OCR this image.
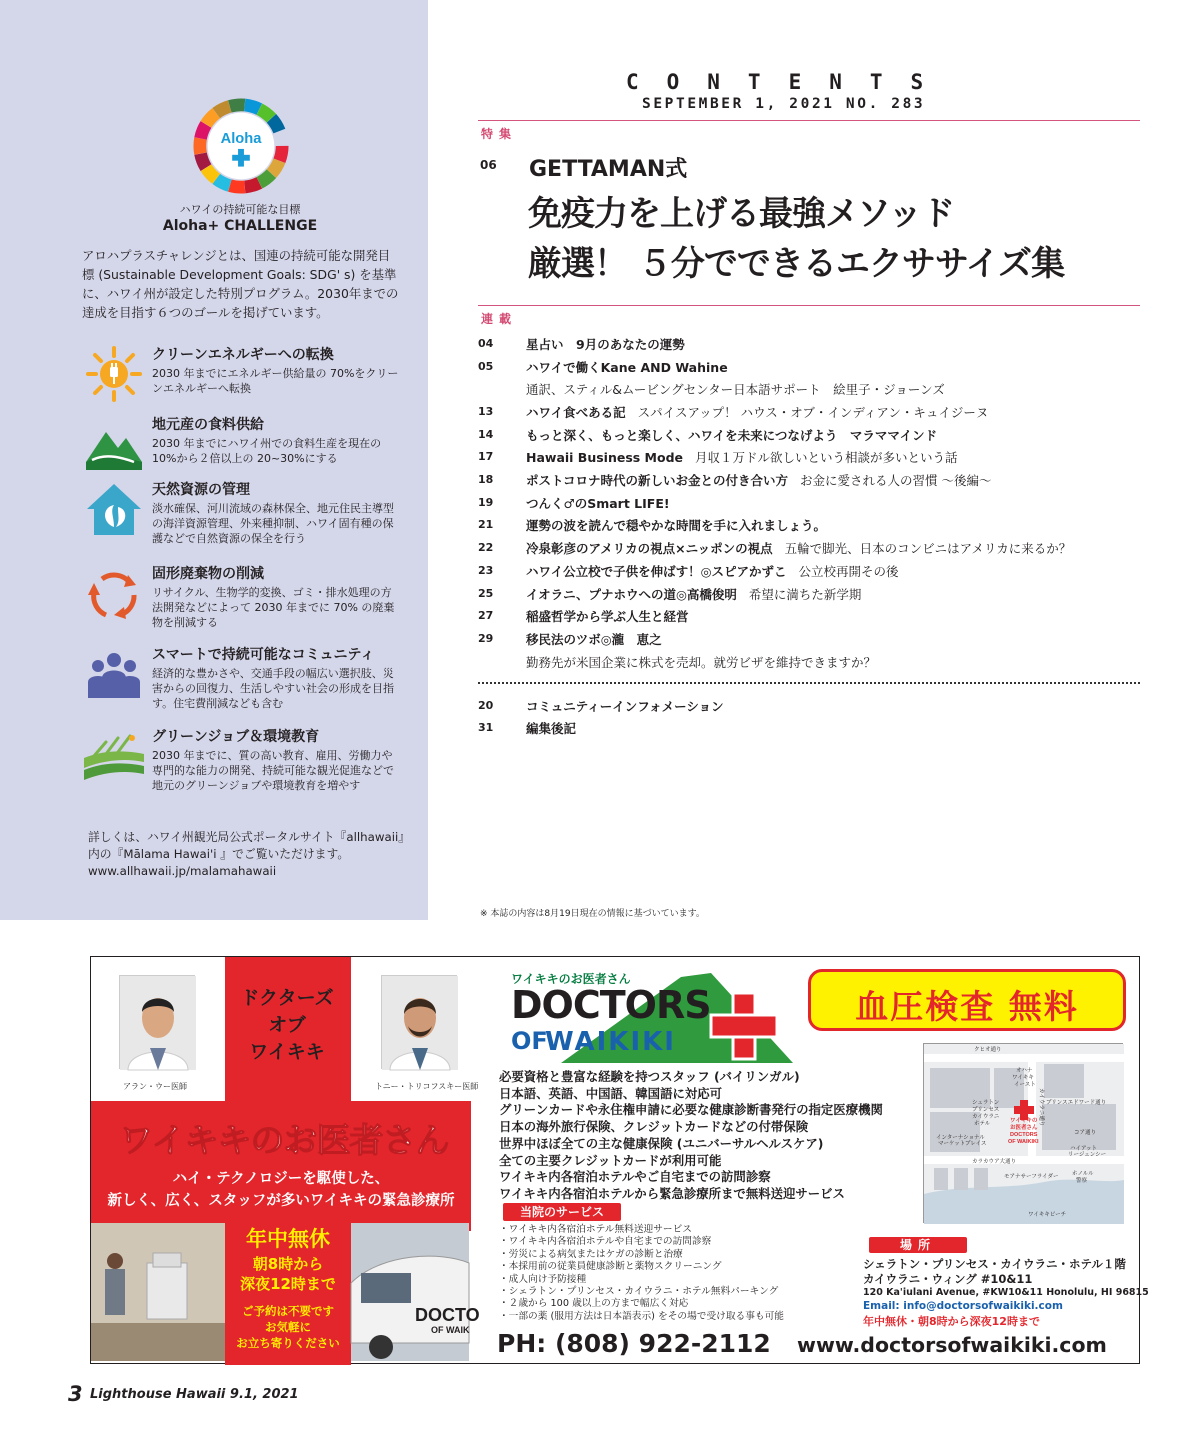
Aloha
ハワイの持続可能な目標
Aloha+ CHALLENGE
アロハプラスチャレンジとは、国連の持続可能な開発目標 (Sustainable Development Goals: SDG' s) を基準に、ハワイ州が設定した特別プログラム。2030年までの達成を目指す６つのゴールを掲げています。
クリーンエネルギーへの転換
2030 年までにエネルギー供給量の 70%をクリーンエネルギーへ転換
地元産の食料供給
2030 年までにハワイ州での食料生産を現在の10%から２倍以上の 20~30%にする
天然資源の管理
淡水確保、河川流域の森林保全、地元住民主導型の海洋資源管理、外来種抑制、ハワイ固有種の保護などで自然資源の保全を行う
固形廃棄物の削減
リサイクル、生物学的変換、ゴミ・排水処理の方法開発などによって 2030 年までに 70% の廃棄物を削減する
スマートで持続可能なコミュニティ
経済的な豊かさや、交通手段の幅広い選択肢、災害からの回復力、生活しやすい社会の形成を目指す。住宅費削減なども含む
グリーンジョブ＆環境教育
2030 年までに、質の高い教育、雇用、労働力や専門的な能力の開発、持続可能な観光促進などで地元のグリーンジョブや環境教育を増やす
詳しくは、ハワイ州観光局公式ポータルサイト『allhawaii』内の『Mālama Hawai'i 』でご覧いただけます。
www.allhawaii.jp/malamahawaii
CONTENTS
SEPTEMBER 1, 2021 NO. 283
特集
06 GETTAMAN式
免疫力を上げる最強メソッド
厳選！ ５分でできるエクササイズ集
連載
04	星占い　9月のあなたの運勢
05	ハワイで働くKane AND Wahine
通訳、スティル&ムービングセンター日本語サポート　絵里子・ジョーンズ
13	ハワイ食べある記 スパイスアップ！ ハウス・オブ・インディアン・キュイジーヌ
14	もっと深く、もっと楽しく、ハワイを未来につなげよう　マラママインド
17	Hawaii Business Mode 月収１万ドル欲しいという相談が多いという話
18	ポストコロナ時代の新しいお金との付き合い方 お金に愛される人の習慣 〜後編〜
19	つんく♂のSmart LIFE!
21	運勢の波を読んで穏やかな時間を手に入れましょう。
22	冷泉彰彦のアメリカの視点×ニッポンの視点 五輪で脚光、日本のコンビニはアメリカに来るか？
23	ハワイ公立校で子供を伸ばす！◎スピアかずこ 公立校再開その後
25	イオラニ、プナホウへの道◎高橋俊明 希望に満ちた新学期
27	稲盛哲学から学ぶ人生と経営
29	移民法のツボ◎瀧　恵之
勤務先が米国企業に株式を売却。就労ビザを維持できますか？
20	コミュニティーインフォメーション
31	編集後記
※ 本誌の内容は8月19日現在の情報に基づいています。
ドクターズ
オブ
ワイキキ
アラン・ウー医師	トニー・トリコフスキー医師
ワイキキのお医者さん
ハイ・テクノロジーを駆使した、
新しく、広く、スタッフが多いワイキキの緊急診療所
DOCTO
OF WAIK
年中無休
朝8時から
深夜12時まで
ご予約は不要です
お気軽に
お立ち寄りください
ワイキキのお医者さん
DOCTORS
OF
WAIKIKI
必要資格と豊富な経験を持つスタッフ (バイリンガル)
日本語、英語、中国語、韓国語に対応可
グリーンカードや永住権申請に必要な健康診断書発行の指定医療機関
日本の海外旅行保険、クレジットカードなどの付帯保険
世界中ほぼ全ての主な健康保険 (ユニバーサルヘルスケア)
全ての主要クレジットカードが利用可能
ワイキキ内各宿泊ホテルやご自宅までの訪問診察
ワイキキ内各宿泊ホテルから緊急診療所まで無料送迎サービス
当院のサービス
・ワイキキ内各宿泊ホテル無料送迎サービス
・ワイキキ内各宿泊ホテルや自宅までの訪問診察
・労災による病気またはケガの診断と治療
・本採用前の従業員健康診断と薬物スクリーニング
・成人向け予防接種
・シェラトン・プリンセス・カイウラニ・ホテル無料パーキング
・２歳から 100 歳以上の方まで幅広く対応
・一部の薬 (服用方法は日本語表示) をその場で受け取る事も可能
PH: (808) 922-2112 www.doctorsofwaikiki.com
血圧検査 無料
クヒオ通り オハナ ワイキキ イースト プリンスエドワード通り シェラトン プリンセス カイウラニ ホテル コア通り インターナショナル マーケットプレイス ハイアット リージェンシー カラカウア大通り モアナサーフライダー ホノルル 警察 ワイキキビーチ
ワイキキの お医者さん DOCTORS OF WAIKIKI
カイウラニ通り
場所
シェラトン・プリンセス・カイウラニ・ホテル１階
カイウラニ・ウィング #10&11
120 Ka'iulani Avenue, #KW10&11 Honolulu, HI 96815
Email: info@doctorsofwaikiki.com
年中無休・朝8時から深夜12時まで
3 Lighthouse Hawaii 9.1, 2021
